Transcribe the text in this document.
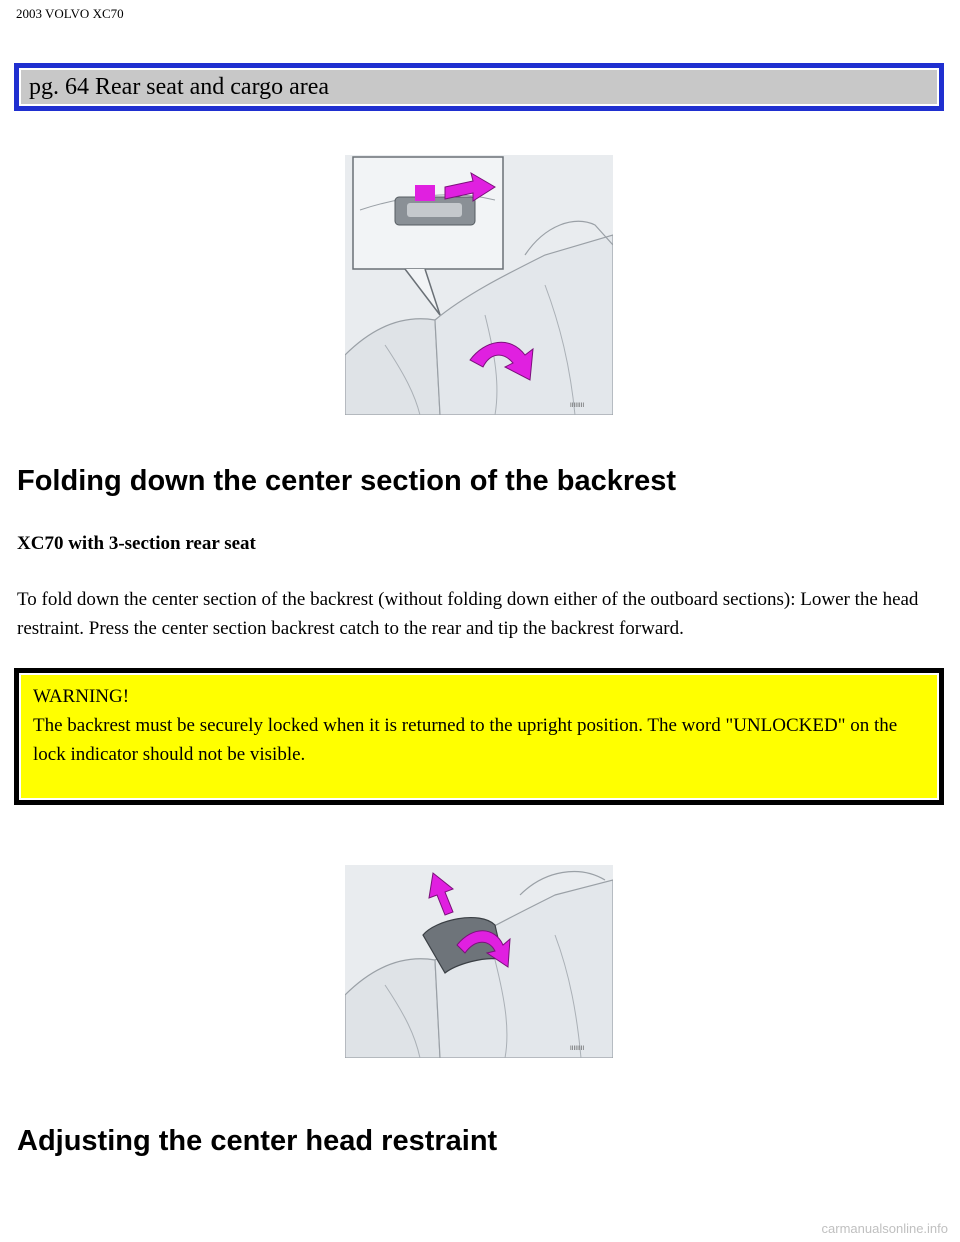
2003 VOLVO XC70
pg. 64 Rear seat and cargo area
IIIIIIII
Folding down the center section of the backrest

XC70 with 3-section rear seat

To fold down the center section of the backrest (without folding down either of the outboard sections): Lower the head restraint. Press the center section backrest catch to the rear and tip the backrest forward.

WARNING!
The backrest must be securely locked when it is returned to the upright position. The word "UNLOCKED" on the lock indicator should not be visible.
IIIIIIII
Adjusting the center head restraint
carmanualsonline.info
